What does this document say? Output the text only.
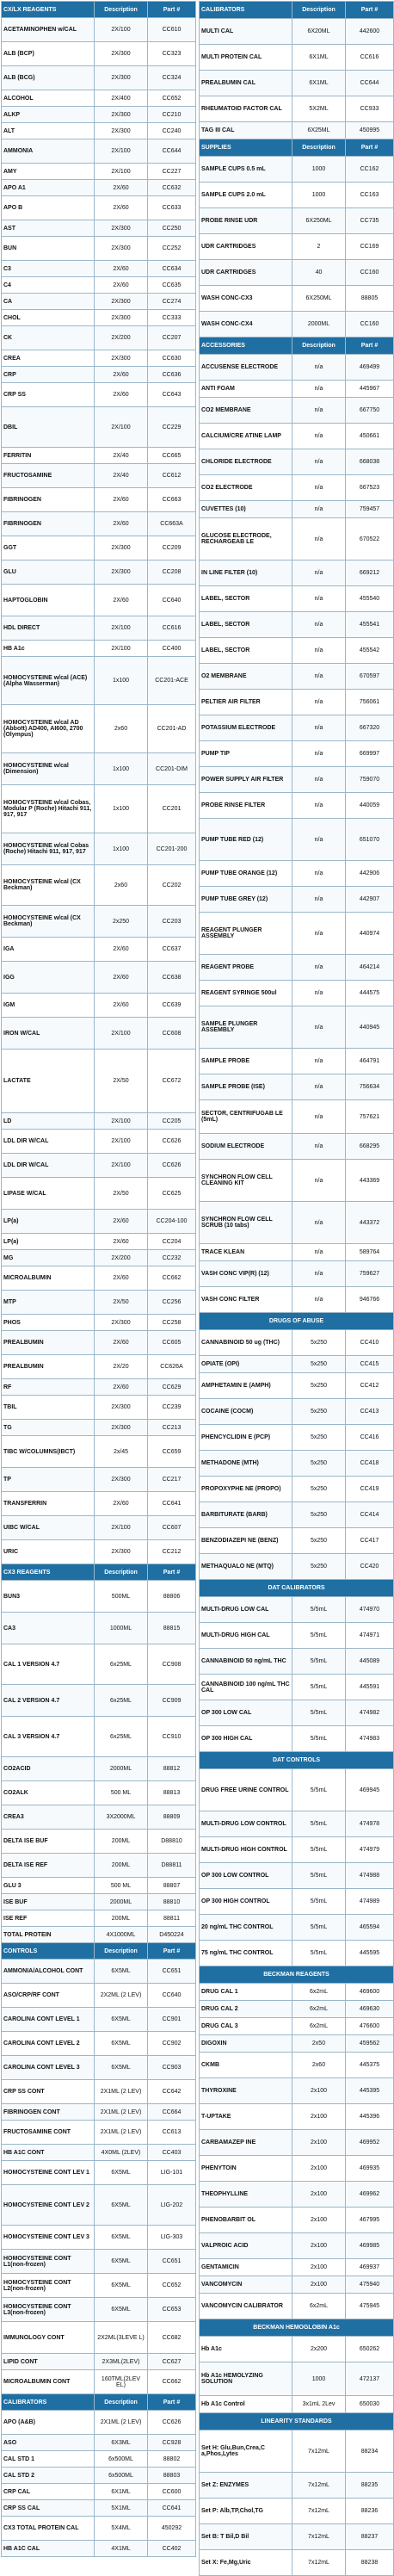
CX/LX REAGENTS	Description	Part #
ACETAMINOPHEN w/CAL	2X/100	CC610
ALB (BCP)	2X/300	CC323
ALB (BCG)	2X/300	CC324
ALCOHOL	2X/400	CC652
ALKP	2X/300	CC210
ALT	2X/300	CC240
AMMONIA	2X/100	CC644
AMY	2X/100	CC227
APO A1	2X/60	CC632
APO B	2X/60	CC633
AST	2X/300	CC250
BUN	2X/300	CC252
C3	2X/60	CC634
C4	2X/60	CC635
CA	2X/300	CC274
CHOL	2X/300	CC333
CK	2X/200	CC207
CREA	2X/300	CC630
CRP	2X/60	CC636
CRP SS	2X/60	CC643
DBIL	2X/100	CC229
FERRITIN	2X/40	CC665
FRUCTOSAMINE	2X/40	CC612
FIBRINOGEN	2X/60	CC663
FIBRINOGEN	2X/60	CC663A
GGT	2X/300	CC209
GLU	2X/300	CC208
HAPTOGLOBIN	2X/60	CC640
HDL DIRECT	2X/100	CC616
HB A1c	2X/100	CC400
HOMOCYSTEINE w/cal (ACE) (Alpha Wasserman)	1x100	CC201-ACE
HOMOCYSTEINE w/cal AD (Abbott) AD400, AI600, 2700 (Olympus)	2x60	CC201-AD
HOMOCYSTEINE w/cal (Dimension)	1x100	CC201-DIM
HOMOCYSTEINE w/cal Cobas, Modular P (Roche) Hitachi 911, 917, 917	1x100	CC201
HOMOCYSTEINE w/cal Cobas (Roche) Hitachi 911, 917, 917	1x100	CC201-200
HOMOCYSTEINE w/cal (CX Beckman)	2x60	CC202
HOMOCYSTEINE w/cal (CX Beckman)	2x250	CC203
IGA	2X/60	CC637
IGG	2X/60	CC638
IGM	2X/60	CC639
IRON W/CAL	2X/100	CC608
LACTATE	2X/50	CC672
LD	2X/100	CC205
LDL DIR W/CAL	2X/100	CC626
LDL DIR W/CAL	2X/100	CC626
LIPASE W/CAL	2X/50	CC625
LP(a)	2X/60	CC204-100
LP(a)	2X/60	CC204
MG	2X/200	CC232
MICROALBUMIN	2X/60	CC662
MTP	2X/50	CC256
PHOS	2X/300	CC258
PREALBUMIN	2X/60	CC605
PREALBUMIN	2X/20	CC626A
RF	2X/60	CC629
TBIL	2X/300	CC239
TG	2X/300	CC213
TIBC W/COLUMNS(IBCT)	2x/45	CC659
TP	2X/300	CC217
TRANSFERRIN	2X/60	CC641
UIBC W/CAL	2X/100	CC607
URIC	2X/300	CC212
CX3 REAGENTS	Description	Part #
BUN3	500ML	88806
CA3	1000ML	88815
CAL 1 VERSION 4.7	6x25ML	CC908
CAL 2 VERSION 4.7	6x25ML	CC909
CAL 3 VERSION 4.7	6x25ML	CC910
CO2ACID	2000ML	88812
CO2ALK	500 ML	88813
CREA3	3X2000ML	88809
DELTA ISE BUF	200ML	D88810
DELTA ISE REF	200ML	D88811
GLU 3	500 ML	88807
ISE BUF	2000ML	88810
ISE REF	200ML	88811
TOTAL PROTEIN	4X1000ML	D450224
CONTROLS	Description	Part #
AMMONIA/ALCOHOL CONT	6X5ML	CC651
ASO/CRP/RF CONT	2X2ML (2 LEV)	CC640
CAROLINA CONT LEVEL 1	6X5ML	CC901
CAROLINA CONT LEVEL 2	6X5ML	CC902
CAROLINA CONT LEVEL 3	6X5ML	CC903
CRP SS CONT	2X1ML (2 LEV)	CC642
FIBRINOGEN CONT	2X1ML (2 LEV)	CC664
FRUCTOSAMINE CONT	2X1ML (2 LEV)	CC613
HB A1C CONT	4X0ML (2LEV)	CC403
HOMOCYSTEINE CONT LEV 1	6X5ML	LIG-101
HOMOCYSTEINE CONT LEV 2	6X5ML	LIG-202
HOMOCYSTEINE CONT LEV 3	6X5ML	LIG-303
HOMOCYSTEINE CONT L1(non-frozen)	6X5ML	CC651
HOMOCYSTEINE CONT L2(non-frozen)	6X5ML	CC652
HOMOCYSTEINE CONT L3(non-frozen)	6X5ML	CC653
IMMUNOLOGY CONT	2X2ML(3LEVE L)	CC682
LIPID CONT	2X3ML(2LEV)	CC627
MICROALBUMIN CONT	160TML(2LEV EL)	CC662
CALIBRATORS	Description	Part #
APO (A&B)	2X1ML (2 LEV)	CC626
ASO	6X3ML	CC928
CAL STD 1	6x500ML	88802
CAL STD 2	6x500ML	88803
CRP CAL	6X1ML	CC600
CRP SS CAL	5X1ML	CC641
CX3 TOTAL PROTEIN CAL	5X4ML	450292
HB A1C CAL	4X1ML	CC402
CALIBRATORS	Description	Part #
MULTI CAL	6X20ML	442600
MULTI PROTEIN CAL	6X1ML	CC616
PREALBUMIN CAL	6X1ML	CC644
RHEUMATOID FACTOR CAL	5X2ML	CC933
TAG III CAL	6X25ML	450995
SUPPLIES	Description	Part #
SAMPLE CUPS 0.5 mL	1000	CC162
SAMPLE CUPS 2.0 mL	1000	CC163
PROBE RINSE UDR	6X250ML	CC735
UDR CARTRIDGES	2	CC169
UDR CARTRIDGES	40	CC160
WASH CONC-CX3	6X250ML	88805
WASH CONC-CX4	2000ML	CC160
ACCESSORIES	Description	Part #
ACCUSENSE ELECTRODE	n/a	469499
ANTI FOAM	n/a	445967
CO2 MEMBRANE	n/a	667750
CALCIUM/CRE ATINE LAMP	n/a	450661
CHLORIDE ELECTRODE	n/a	668038
CO2 ELECTRODE	n/a	667523
CUVETTES (10)	n/a	759457
GLUCOSE ELECTRODE, RECHARGEAB LE	n/a	670522
IN LINE FILTER (10)	n/a	669212
LABEL, SECTOR	n/a	455540
LABEL, SECTOR	n/a	455541
LABEL, SECTOR	n/a	455542
O2 MEMBRANE	n/a	670597
PELTIER AIR FILTER	n/a	756061
POTASSIUM ELECTRODE	n/a	667320
PUMP TIP	n/a	669997
POWER SUPPLY AIR FILTER	n/a	759070
PROBE RINSE FILTER	n/a	440059
PUMP TUBE RED (12)	n/a	651070
PUMP TUBE ORANGE (12)	n/a	442906
PUMP TUBE GREY (12)	n/a	442907
REAGENT PLUNGER ASSEMBLY	n/a	440974
REAGENT PROBE	n/a	464214
REAGENT SYRINGE 500ul	n/a	444575
SAMPLE PLUNGER ASSEMBLY	n/a	440945
SAMPLE PROBE	n/a	464791
SAMPLE PROBE (ISE)	n/a	756634
SECTOR, CENTRIFUGAB LE (5mL)	n/a	757621
SODIUM ELECTRODE	n/a	668295
SYNCHRON FLOW CELL CLEANING KIT	n/a	443369
SYNCHRON FLOW CELL SCRUB (10 tabs)	n/a	443372
TRACE KLEAN	n/a	589764
VASH CONC VIP(R) (12)	n/a	759627
VASH CONC FILTER	n/a	946766
DRUGS OF ABUSE		
CANNABINOID 50 ug (THC)	5x250	CC410
OPIATE (OPI)	5x250	CC415
AMPHETAMIN E (AMPH)	5x250	CC412
COCAINE (COCM)	5x250	CC413
PHENCYCLIDIN E (PCP)	5x250	CC416
METHADONE (MTH)	5x250	CC418
PROPOXYPHE NE (PROPO)	5x250	CC419
BARBITURATE (BARB)	5x250	CC414
BENZODIAZEPI NE (BENZ)	5x250	CC417
METHAQUALO NE (MTQ)	5x250	CC420
DAT CALIBRATORS		
MULTI-DRUG LOW CAL	5/5mL	474970
MULTI-DRUG HIGH CAL	5/5mL	474971
CANNABINOID 50 ng/mL THC	5/5mL	445089
CANNABINOID 100 ng/mL THC CAL	5/5mL	445591
OP 300 LOW CAL	5/5mL	474982
OP 300 HIGH CAL	5/5mL	474983
DAT CONTROLS		
DRUG FREE URINE CONTROL	5/5mL	469945
MULTI-DRUG LOW CONTROL	5/5mL	474978
MULTI-DRUG HIGH CONTROL	5/5mL	474979
OP 300 LOW CONTROL	5/5mL	474988
OP 300 HIGH CONTROL	5/5mL	474989
20 ng/mL THC CONTROL	5/5mL	465594
75 ng/mL THC CONTROL	5/5mL	445595
BECKMAN REAGENTS		
DRUG CAL 1	6x2mL	469600
DRUG CAL 2	6x2mL	469630
DRUG CAL 3	6x2mL	476600
DIGOXIN	2x50	459562
CKMB	2x60	445375
THYROXINE	2x100	445395
T-UPTAKE	2x100	445396
CARBAMAZEP INE	2x100	469952
PHENYTOIN	2x100	469935
THEOPHYLLINE	2x100	469962
PHENOBARBIT OL	2x100	467995
VALPROIC ACID	2x100	469985
GENTAMICIN	2x100	469937
VANCOMYCIN	2x100	475940
VANCOMYCIN CALIBRATOR	6x2mL	475945
BECKMAN HEMOGLOBIN A1c		
Hb A1c	2x200	650262
Hb A1c HEMOLYZING SOLUTION	1000	472137
Hb A1c Control	3x1mL 2Lev	650030
LINEARITY STANDARDS		
Set H: Glu,Bun,Crea,C a,Phos,Lytes	7x12mL	88234
Set Z: ENZYMES	7x12mL	88235
Set P: Alb,TP,Chol,TG	7x12mL	88236
Set B: T Bil,D Bil	7x12mL	88237
Set X: Fe,Mg,Uric	7x12mL	88238
